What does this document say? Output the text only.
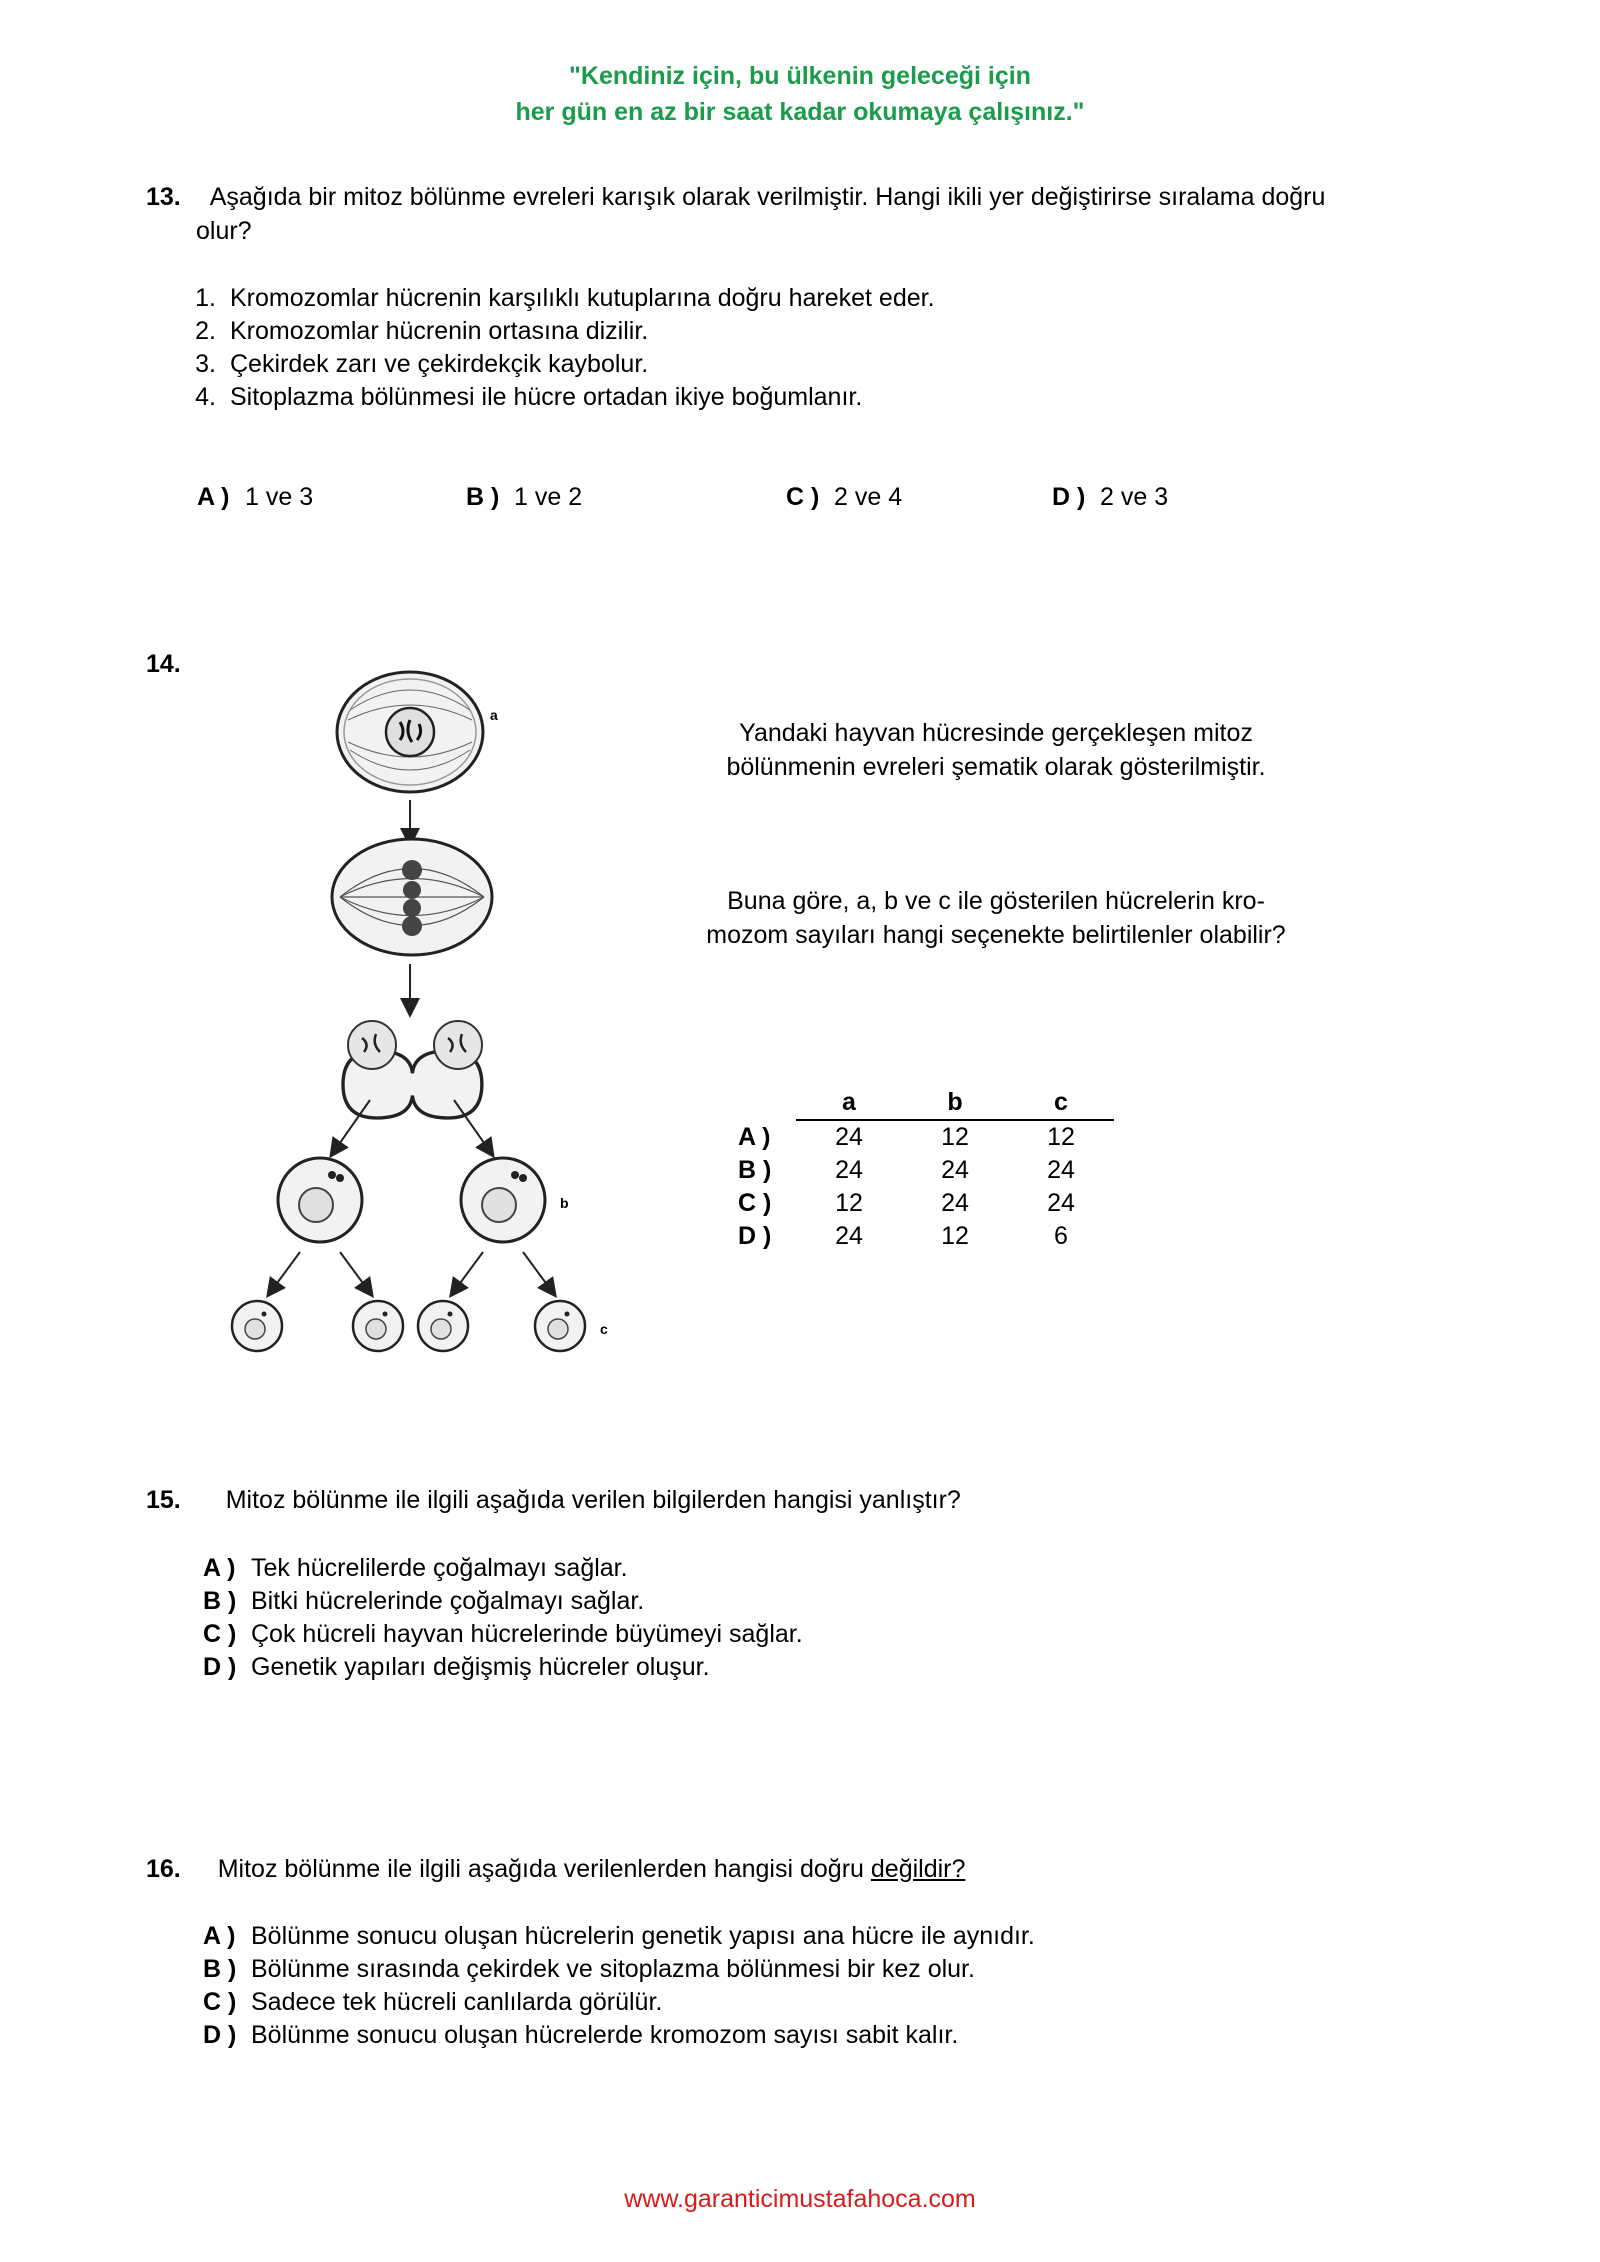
"Kendiniz için, bu ülkenin geleceği için
her gün en az bir saat kadar okumaya çalışınız."
13. Aşağıda bir mitoz bölünme evreleri karışık olarak verilmiştir. Hangi ikili yer değiştirirse sıralama doğru
olur?
1. Kromozomlar hücrenin karşılıklı kutuplarına doğru hareket eder.
2. Kromozomlar hücrenin ortasına dizilir.
3. Çekirdek zarı ve çekirdekçik kaybolur.
4. Sitoplazma bölünmesi ile hücre ortadan ikiye boğumlanır.
A ) 1 ve 3	B ) 1 ve 2	C ) 2 ve 4	D ) 2 ve 3
14.
a
b
c
Yandaki hayvan hücresinde gerçekleşen mitoz
bölünmenin evreleri şematik olarak gösterilmiştir.
Buna göre, a, b ve c ile gösterilen hücrelerin kro-
mozom sayıları hangi seçenekte belirtilenler olabilir?
	a	b	c
A )	24	12	12
B )	24	24	24
C )	12	24	24
D )	24	12	6
15. Mitoz bölünme ile ilgili aşağıda verilen bilgilerden hangisi yanlıştır?
A ) Tek hücrelilerde çoğalmayı sağlar.
B ) Bitki hücrelerinde çoğalmayı sağlar.
C ) Çok hücreli hayvan hücrelerinde büyümeyi sağlar.
D ) Genetik yapıları değişmiş hücreler oluşur.
16. Mitoz bölünme ile ilgili aşağıda verilenlerden hangisi doğru değildir?
A ) Bölünme sonucu oluşan hücrelerin genetik yapısı ana hücre ile aynıdır.
B ) Bölünme sırasında çekirdek ve sitoplazma bölünmesi bir kez olur.
C ) Sadece tek hücreli canlılarda görülür.
D ) Bölünme sonucu oluşan hücrelerde kromozom sayısı sabit kalır.
www.garanticimustafahoca.com
